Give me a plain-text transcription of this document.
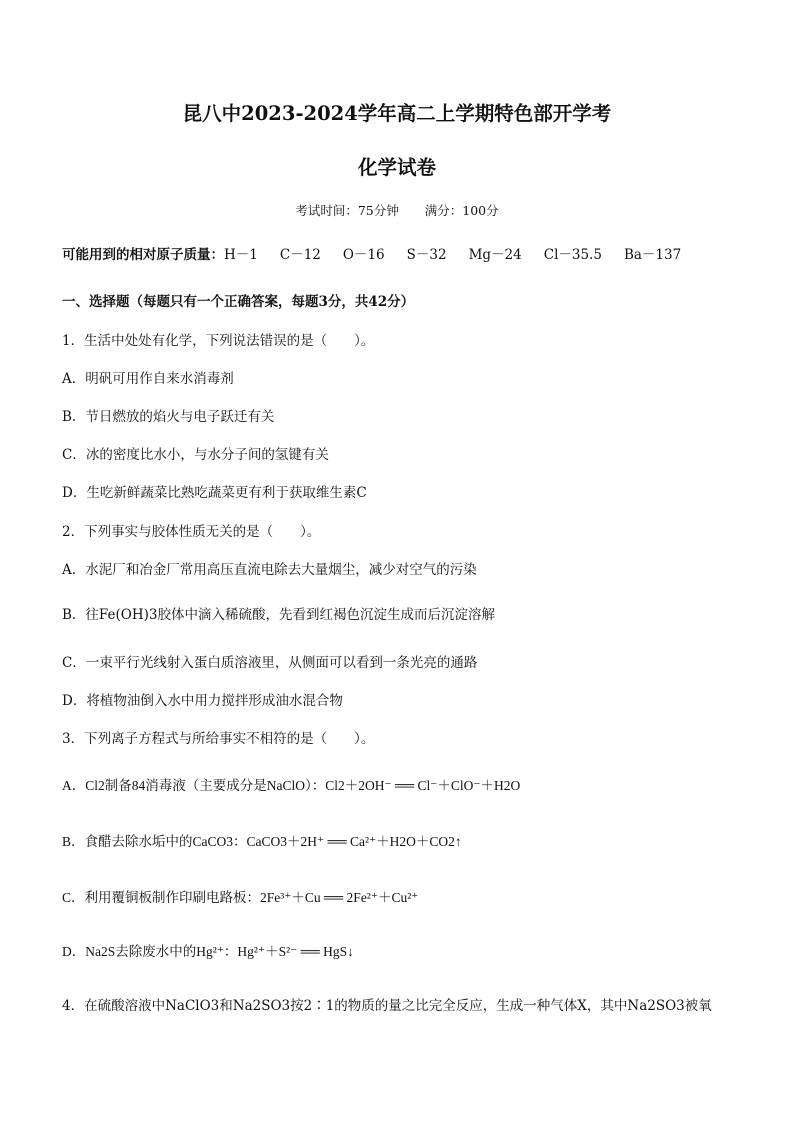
昆八中2023-2024学年高二上学期特色部开学考
化学试卷
考试时间：75分钟 满分：100分
可能用到的相对原子质量：H－1 C－12 O－16 S－32 Mg－24 Cl－35.5 Ba－137
一、选择题（每题只有一个正确答案，每题3分，共42分）
1．生活中处处有化学，下列说法错误的是（　　）。
A．明矾可用作自来水消毒剂
B．节日燃放的焰火与电子跃迁有关
C．冰的密度比水小，与水分子间的氢键有关
D．生吃新鲜蔬菜比熟吃蔬菜更有利于获取维生素C
2．下列事实与胶体性质无关的是（　　）。
A．水泥厂和冶金厂常用高压直流电除去大量烟尘，减少对空气的污染
B．往Fe(OH)3胶体中滴入稀硫酸，先看到红褐色沉淀生成而后沉淀溶解
C．一束平行光线射入蛋白质溶液里，从侧面可以看到一条光亮的通路
D．将植物油倒入水中用力搅拌形成油水混合物
3．下列离子方程式与所给事实不相符的是（　　）。
A．Cl2制备84消毒液（主要成分是NaClO）：Cl2＋2OH⁻ ══ Cl⁻＋ClO⁻＋H2O
B．食醋去除水垢中的CaCO3：CaCO3＋2H⁺ ══ Ca²⁺＋H2O＋CO2↑
C．利用覆铜板制作印刷电路板：2Fe³⁺＋Cu ══ 2Fe²⁺＋Cu²⁺
D．Na2S去除废水中的Hg²⁺：Hg²⁺＋S²⁻ ══ HgS↓
4．在硫酸溶液中NaClO3和Na2SO3按2∶1的物质的量之比完全反应，生成一种气体X，其中Na2SO3被氧
